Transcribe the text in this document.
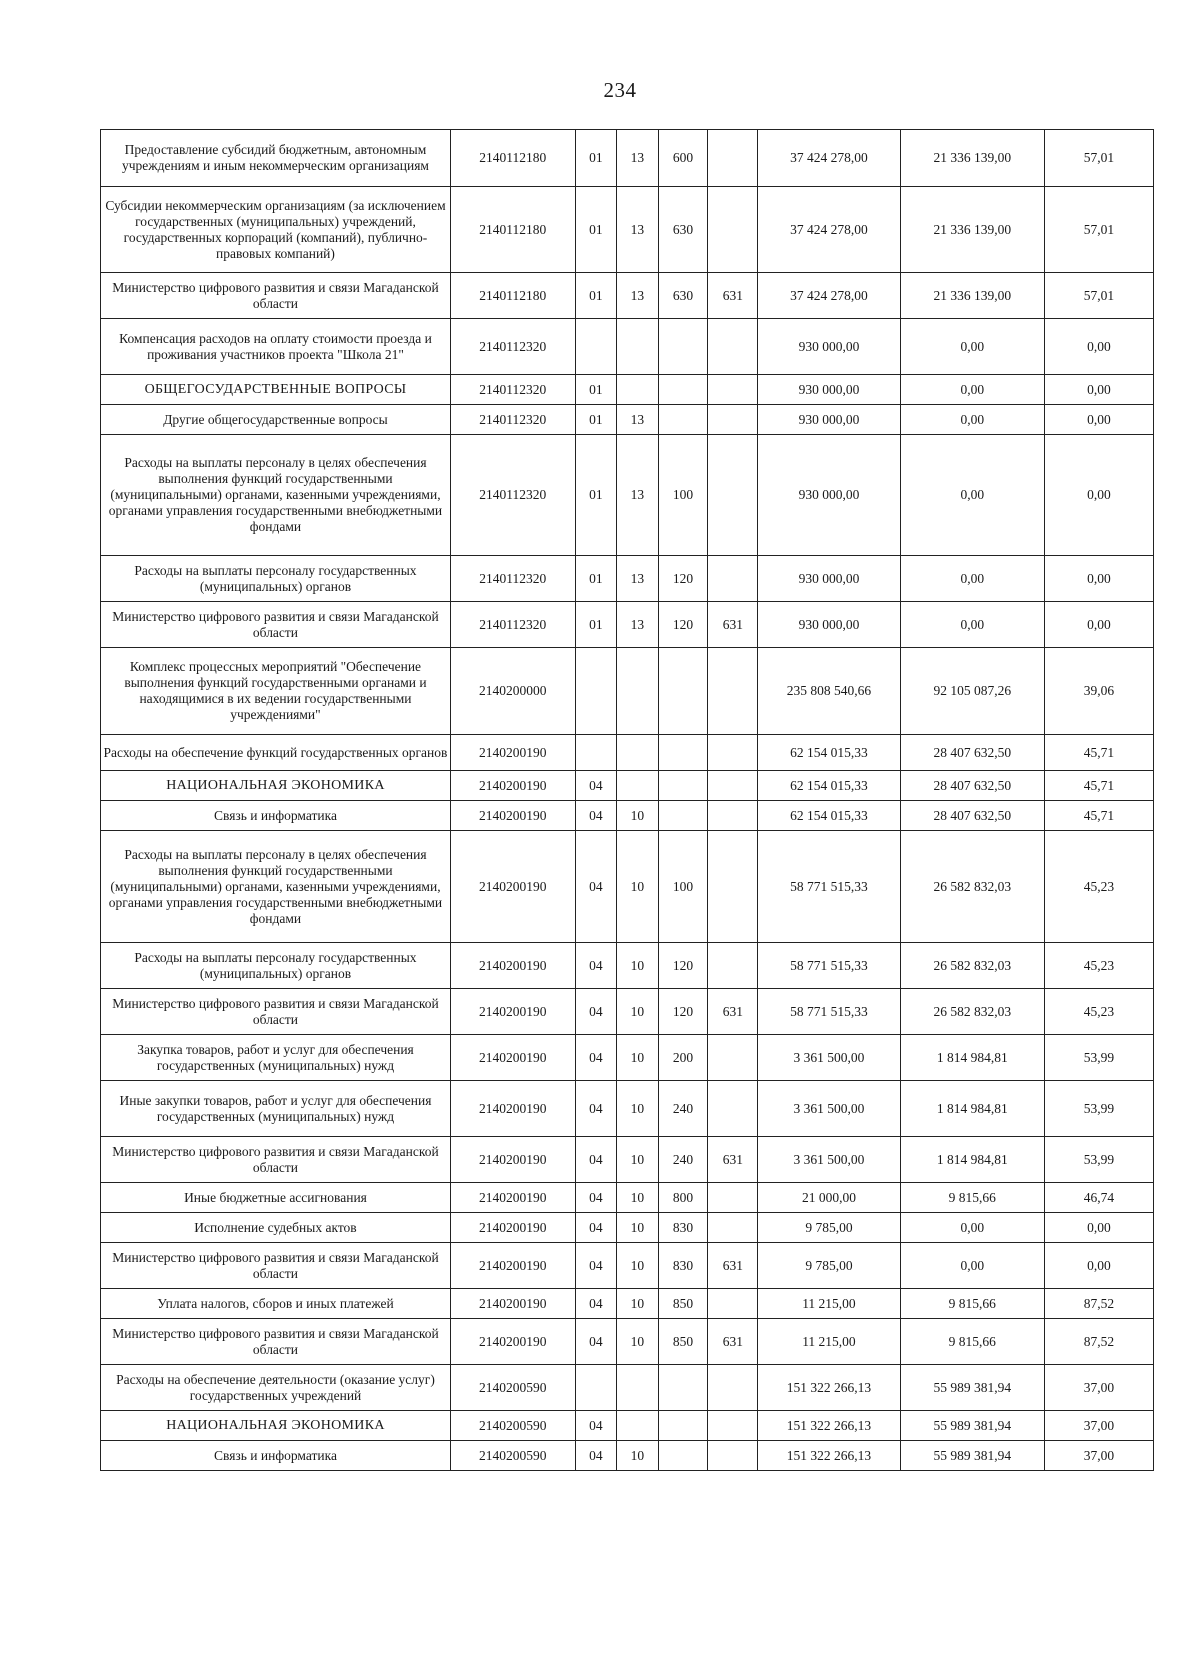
234
Предоставление субсидий бюджетным, автономным учреждениям и иным некоммерческим организациям	2140112180	01	13	600		37 424 278,00	21 336 139,00	57,01
Субсидии некоммерческим организациям (за исключением государственных (муниципальных) учреждений, государственных корпораций (компаний), публично-правовых компаний)	2140112180	01	13	630		37 424 278,00	21 336 139,00	57,01
Министерство цифрового развития и связи Магаданской области	2140112180	01	13	630	631	37 424 278,00	21 336 139,00	57,01
Компенсация расходов на оплату стоимости проезда и проживания участников проекта "Школа 21"	2140112320					930 000,00	0,00	0,00
ОБЩЕГОСУДАРСТВЕННЫЕ ВОПРОСЫ	2140112320	01				930 000,00	0,00	0,00
Другие общегосударственные вопросы	2140112320	01	13			930 000,00	0,00	0,00
Расходы на выплаты персоналу в целях обеспечения выполнения функций государственными (муниципальными) органами, казенными учреждениями, органами управления государственными внебюджетными фондами	2140112320	01	13	100		930 000,00	0,00	0,00
Расходы на выплаты персоналу государственных (муниципальных) органов	2140112320	01	13	120		930 000,00	0,00	0,00
Министерство цифрового развития и связи Магаданской области	2140112320	01	13	120	631	930 000,00	0,00	0,00
Комплекс процессных мероприятий "Обеспечение выполнения функций государственными органами и находящимися в их ведении государственными учреждениями"	2140200000					235 808 540,66	92 105 087,26	39,06
Расходы на обеспечение функций государственных органов	2140200190					62 154 015,33	28 407 632,50	45,71
НАЦИОНАЛЬНАЯ ЭКОНОМИКА	2140200190	04				62 154 015,33	28 407 632,50	45,71
Связь и информатика	2140200190	04	10			62 154 015,33	28 407 632,50	45,71
Расходы на выплаты персоналу в целях обеспечения выполнения функций государственными (муниципальными) органами, казенными учреждениями, органами управления государственными внебюджетными фондами	2140200190	04	10	100		58 771 515,33	26 582 832,03	45,23
Расходы на выплаты персоналу государственных (муниципальных) органов	2140200190	04	10	120		58 771 515,33	26 582 832,03	45,23
Министерство цифрового развития и связи Магаданской области	2140200190	04	10	120	631	58 771 515,33	26 582 832,03	45,23
Закупка товаров, работ и услуг для обеспечения государственных (муниципальных) нужд	2140200190	04	10	200		3 361 500,00	1 814 984,81	53,99
Иные закупки товаров, работ и услуг для обеспечения государственных (муниципальных) нужд	2140200190	04	10	240		3 361 500,00	1 814 984,81	53,99
Министерство цифрового развития и связи Магаданской области	2140200190	04	10	240	631	3 361 500,00	1 814 984,81	53,99
Иные бюджетные ассигнования	2140200190	04	10	800		21 000,00	9 815,66	46,74
Исполнение судебных актов	2140200190	04	10	830		9 785,00	0,00	0,00
Министерство цифрового развития и связи Магаданской области	2140200190	04	10	830	631	9 785,00	0,00	0,00
Уплата налогов, сборов и иных платежей	2140200190	04	10	850		11 215,00	9 815,66	87,52
Министерство цифрового развития и связи Магаданской области	2140200190	04	10	850	631	11 215,00	9 815,66	87,52
Расходы на обеспечение деятельности (оказание услуг) государственных учреждений	2140200590					151 322 266,13	55 989 381,94	37,00
НАЦИОНАЛЬНАЯ ЭКОНОМИКА	2140200590	04				151 322 266,13	55 989 381,94	37,00
Связь и информатика	2140200590	04	10			151 322 266,13	55 989 381,94	37,00
